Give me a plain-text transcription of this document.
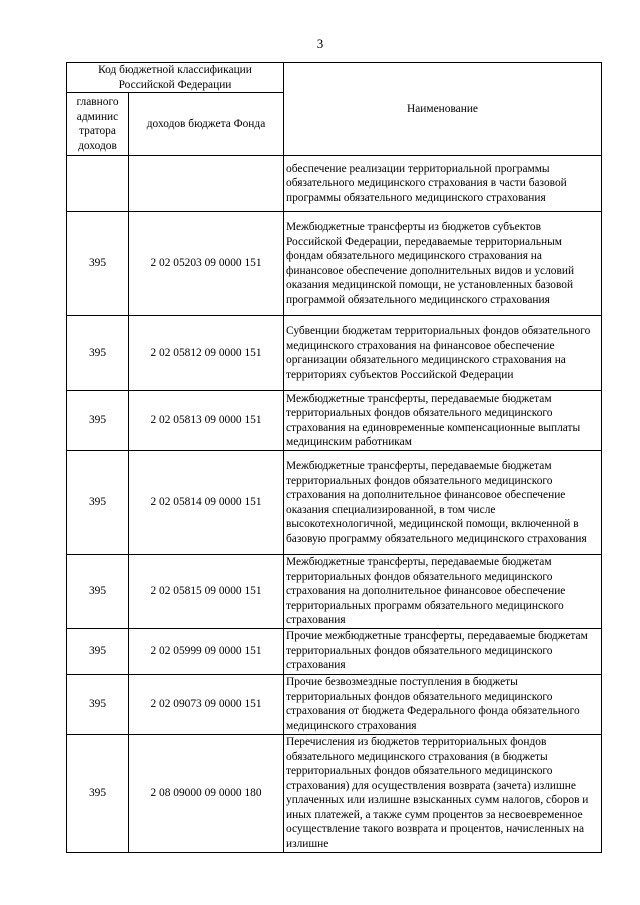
3
Код бюджетной классификации Российской Федерации		Наименование
главного админис тратора доходов	доходов бюджета Фонда	
		обеспечение реализации территориальной программы обязательного медицинского страхования в части базовой программы обязательного медицинского страхования
395	2 02 05203 09 0000 151	Межбюджетные трансферты из бюджетов субъектов Российской Федерации, передаваемые территориальным фондам обязательного медицинского страхования на финансовое обеспечение дополнительных видов и условий оказания медицинской помощи, не установленных базовой программой обязательного медицинского страхования
395	2 02 05812 09 0000 151	Субвенции бюджетам территориальных фондов обязательного медицинского страхования на финансовое обеспечение организации обязательного медицинского страхования на территориях субъектов Российской Федерации
395	2 02 05813 09 0000 151	Межбюджетные трансферты, передаваемые бюджетам территориальных фондов обязательного медицинского страхования на единовременные компенсационные выплаты медицинским работникам
395	2 02 05814 09 0000 151	Межбюджетные трансферты, передаваемые бюджетам территориальных фондов обязательного медицинского страхования на дополнительное финансовое обеспечение оказания специализированной, в том числе высокотехнологичной, медицинской помощи, включенной в базовую программу обязательного медицинского страхования
395	2 02 05815 09 0000 151	Межбюджетные трансферты, передаваемые бюджетам территориальных фондов обязательного медицинского страхования на дополнительное финансовое обеспечение территориальных программ обязательного медицинского страхования
395	2 02 05999 09 0000 151	Прочие межбюджетные трансферты, передаваемые бюджетам территориальных фондов обязательного медицинского страхования
395	2 02 09073 09 0000 151	Прочие безвозмездные поступления в бюджеты территориальных фондов обязательного медицинского страхования от бюджета Федерального фонда обязательного медицинского страхования
395	2 08 09000 09 0000 180	Перечисления из бюджетов территориальных фондов обязательного медицинского страхования (в бюджеты территориальных фондов обязательного медицинского страхования) для осуществления возврата (зачета) излишне уплаченных или излишне взысканных сумм налогов, сборов и иных платежей, а также сумм процентов за несвоевременное осуществление такого возврата и процентов, начисленных на излишне
